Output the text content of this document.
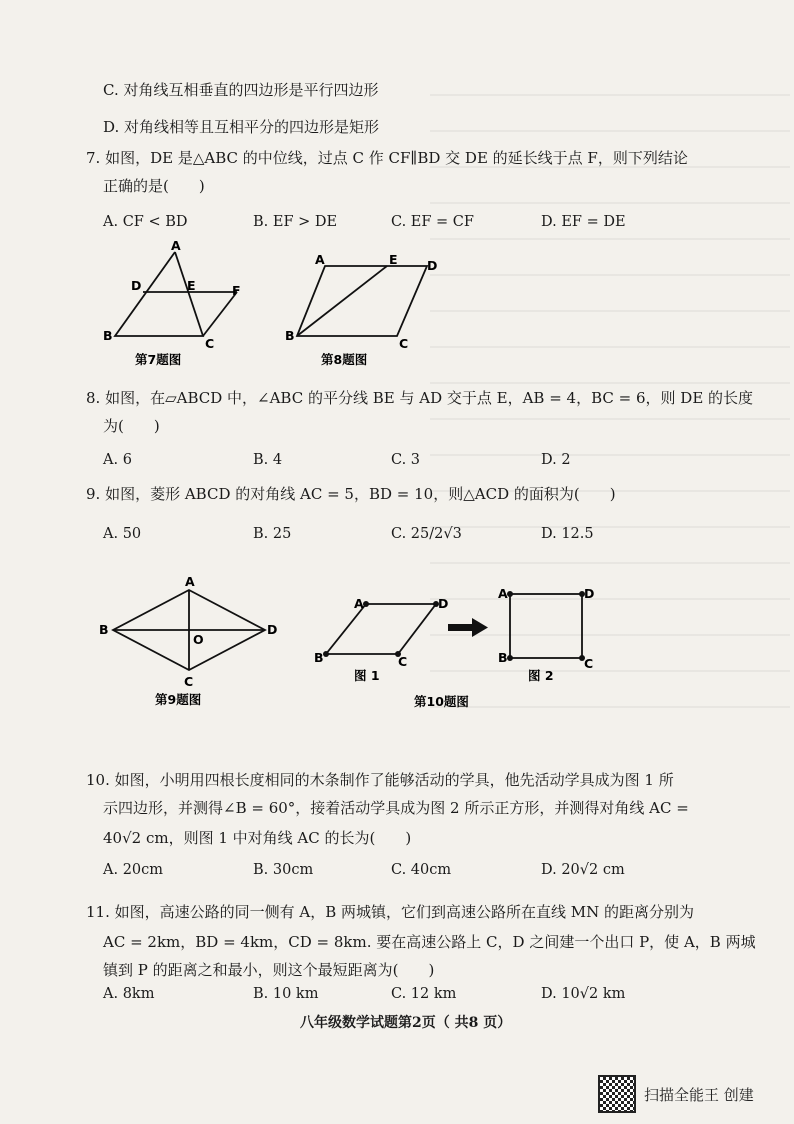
C. 对角线互相垂直的四边形是平行四边形
D. 对角线相等且互相平分的四边形是矩形
7. 如图，DE 是△ABC 的中位线，过点 C 作 CF∥BD 交 DE 的延长线于点 F，则下列结论
正确的是(　　)
A. CF < BD	B. EF > DE	C. EF = CF	D. EF = DE
A
B
C
D	E	F
第7题图
A
B
C
D
E
第8题图
8. 如图，在▱ABCD 中，∠ABC 的平分线 BE 与 AD 交于点 E，AB = 4，BC = 6，则 DE 的长度
为(　　)
A. 6	B. 4	C. 3	D. 2
9. 如图，菱形 ABCD 的对角线 AC = 5，BD = 10，则△ACD 的面积为(　　)
A. 50	B. 25	C. 25/2√3	D. 12.5
A
B
C
D
O
第9题图
A
B	C
D
A
B	C
D
图 1	图 2
第10题图
10. 如图，小明用四根长度相同的木条制作了能够活动的学具，他先活动学具成为图 1 所
示四边形，并测得∠B = 60°，接着活动学具成为图 2 所示正方形，并测得对角线 AC =
40√2 cm，则图 1 中对角线 AC 的长为(　　)
A. 20cm	B. 30cm	C. 40cm	D. 20√2 cm
11. 如图，高速公路的同一侧有 A，B 两城镇，它们到高速公路所在直线 MN 的距离分别为
AC = 2km，BD = 4km，CD = 8km. 要在高速公路上 C，D 之间建一个出口 P，使 A，B 两城
镇到 P 的距离之和最小，则这个最短距离为(　　)
A. 8km	B. 10 km	C. 12 km	D. 10√2 km
八年级数学试题第2页（ 共8 页）
扫描全能王 创建
